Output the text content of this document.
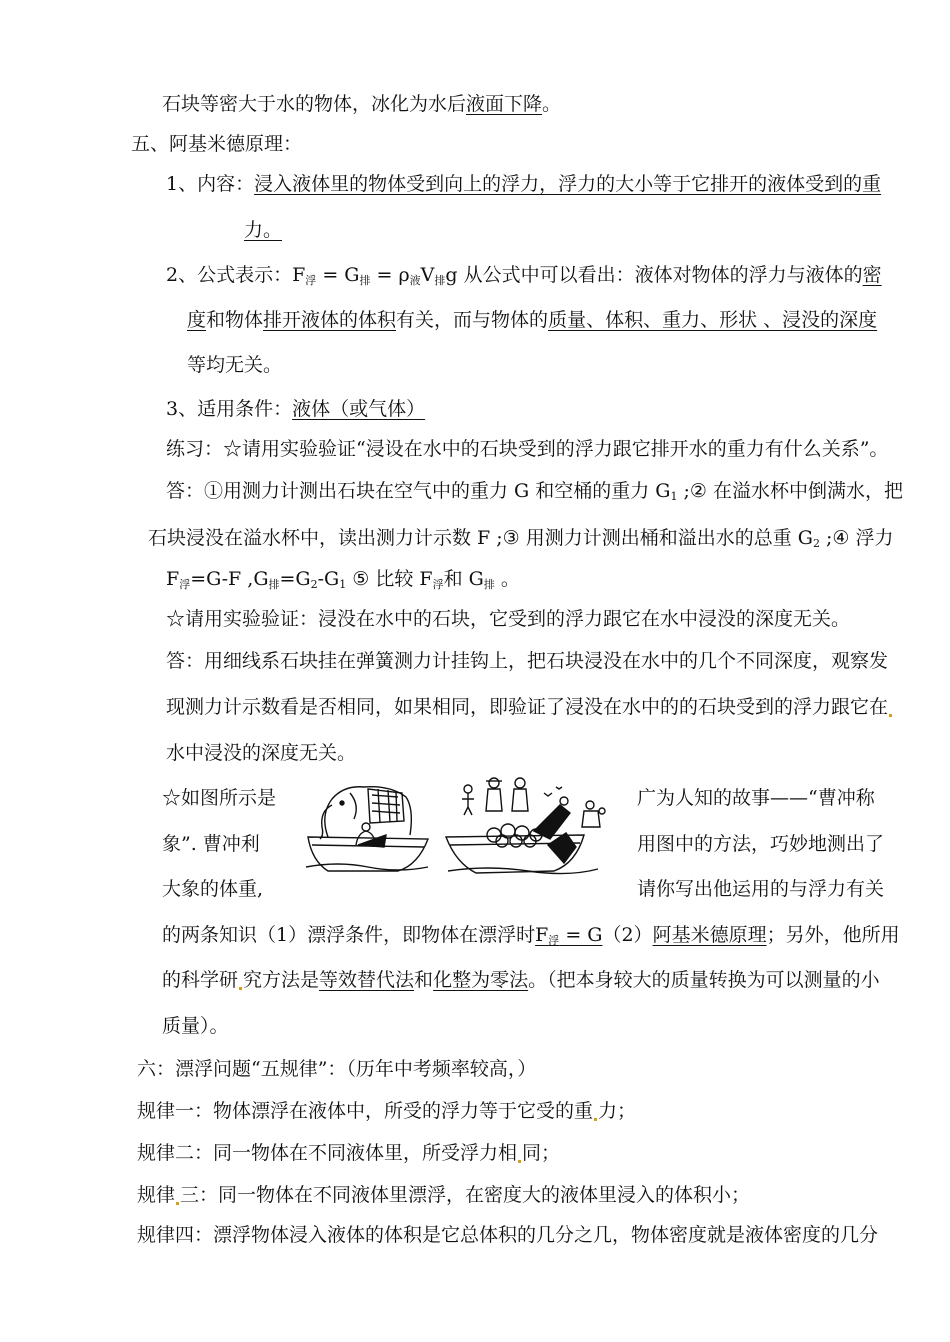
石块等密大于水的物体，冰化为水后液面下降。
五、阿基米德原理：
1、内容：浸入液体里的物体受到向上的浮力，浮力的大小等于它排开的液体受到的重
力。
2、公式表示：$F_浮 = G_排 = \rho_液V_排g$ 从公式中可以看出：液体对物体的浮力与液体的密
度和物体排开液体的体积有关，而与物体的质量、体积、重力、形状 、浸没的深度
等均无关。
3、适用条件：液体（或气体）
练习：☆请用实验验证“浸设在水中的石块受到的浮力跟它排开水的重力有什么关系”。
答：①用测力计测出石块在空气中的重力 G 和空桶的重力 $G_1$ ;② 在溢水杯中倒满水，把
石块浸没在溢水杯中，读出测力计示数 F ;③ 用测力计测出桶和溢出水的总重 $G_2$ ;④ 浮力
$F_浮=G-F$ $,G_排=G_2-G_1$ ⑤ 比较 $F_浮$和 $G_排$ 。
☆请用实验验证：浸没在水中的石块，它受到的浮力跟它在水中浸没的深度无关。
答：用细线系石块挂在弹簧测力计挂钩上，把石块浸没在水中的几个不同深度，观察发
现测力计示数看是否相同，如果相同，即验证了浸没在水中的的石块受到的浮力跟它在
水中浸没的深度无关。
☆如图所示是	广为人知的故事——“曹冲称
象”. 曹冲利	用图中的方法，巧妙地测出了
大象的体重,	请你写出他运用的与浮力有关
的两条知识（1）漂浮条件，即物体在漂浮时$F_浮 = G(2)$阿基米德原理；另外，他所用
的科学研 究方法是等效替代法和化整为零法。（把本身较大的质量转换为可以测量的小
质量）。
六：漂浮问题“五规律”：（历年中考频率较高，）
规律一：物体漂浮在液体中，所受的浮力等于它受的重 力；
规律二：同一物体在不同液体里，所受浮力相 同；
规律 三：同一物体在不同液体里漂浮，在密度大的液体里浸入的体积小；
规律四：漂浮物体浸入液体的体积是它总体积的几分之几，物体密度就是液体密度的几分
